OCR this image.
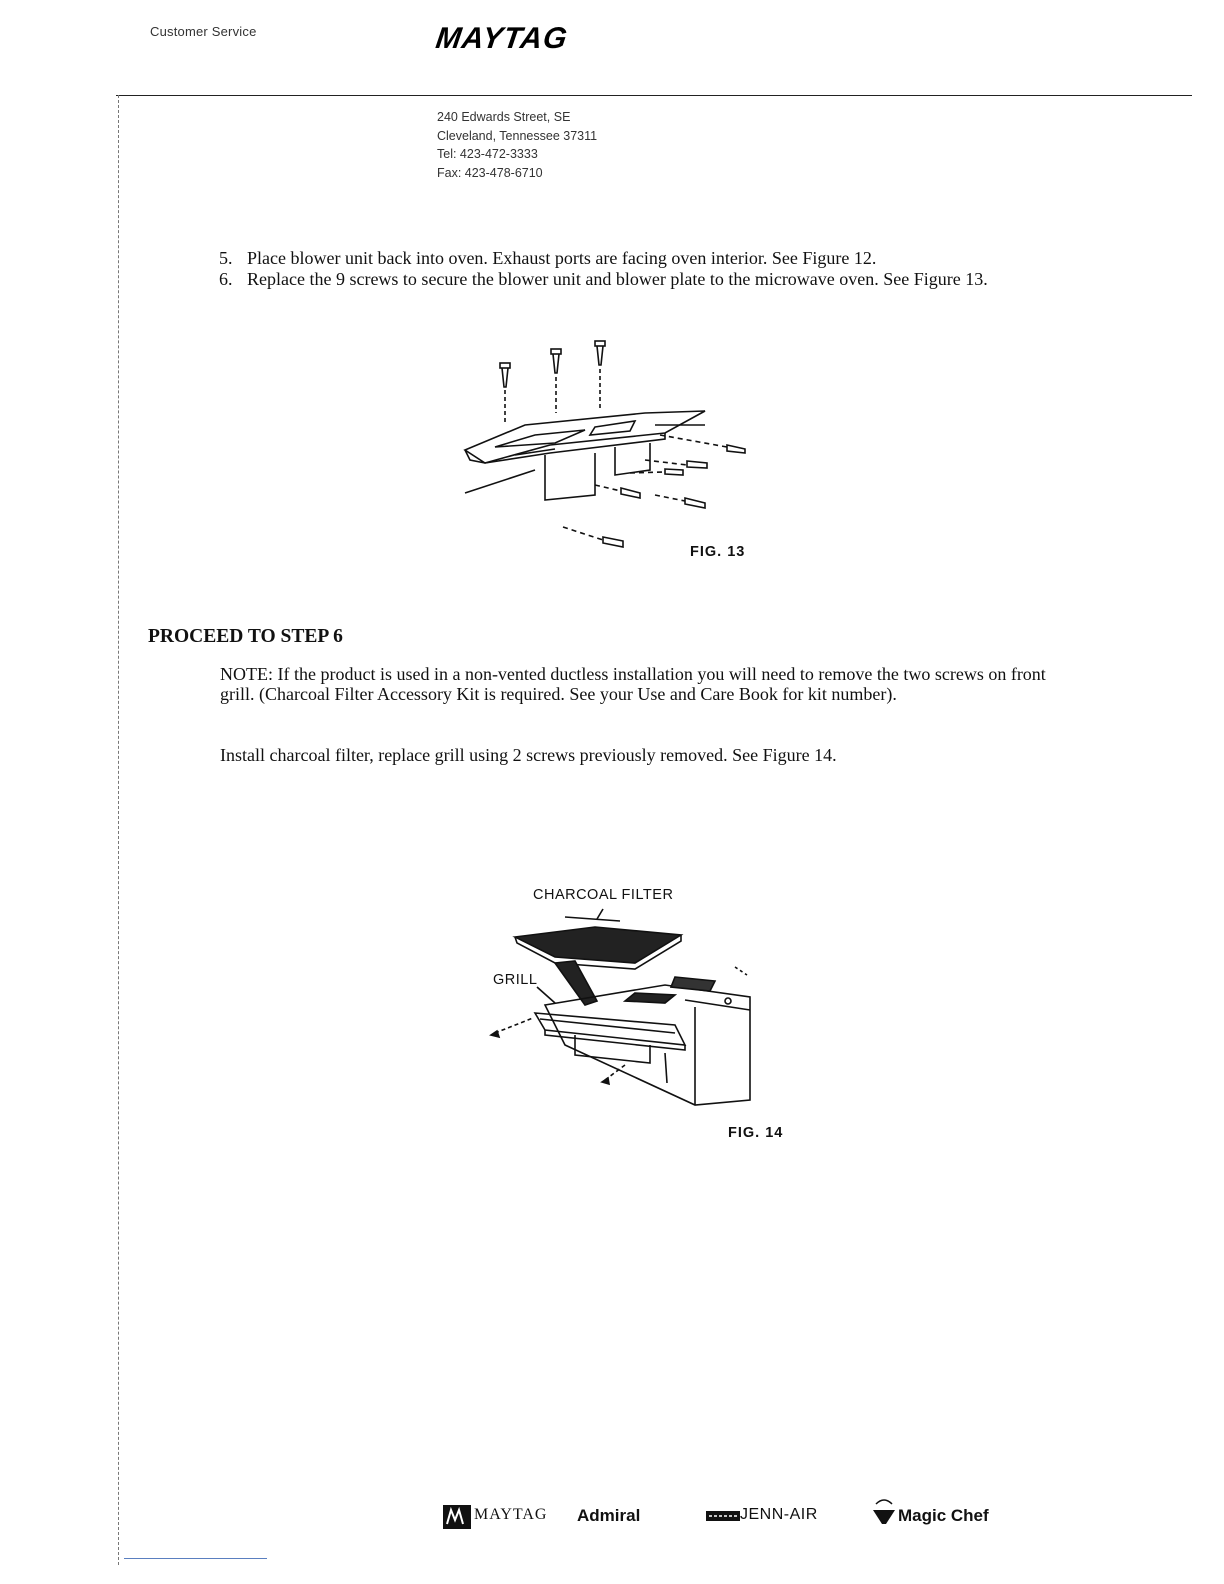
Customer Service	MAYTAG
240 Edwards Street, SE
Cleveland, Tennessee 37311
Tel: 423-472-3333
Fax: 423-478-6710
5. Place blower unit back into oven. Exhaust ports are facing oven interior. See Figure 12.
6. Replace the 9 screws to secure the blower unit and blower plate to the microwave oven. See Figure 13.
FIG. 13
PROCEED TO STEP 6
NOTE: If the product is used in a non-vented ductless installation you will need to remove the two screws on front grill. (Charcoal Filter Accessory Kit is required. See your Use and Care Book for kit number).
Install charcoal filter, replace grill using 2 screws previously removed. See Figure 14.
CHARCOAL FILTER
GRILL
FIG. 14
MAYTAG Admiral	JENN-AIR	Magic Chef
